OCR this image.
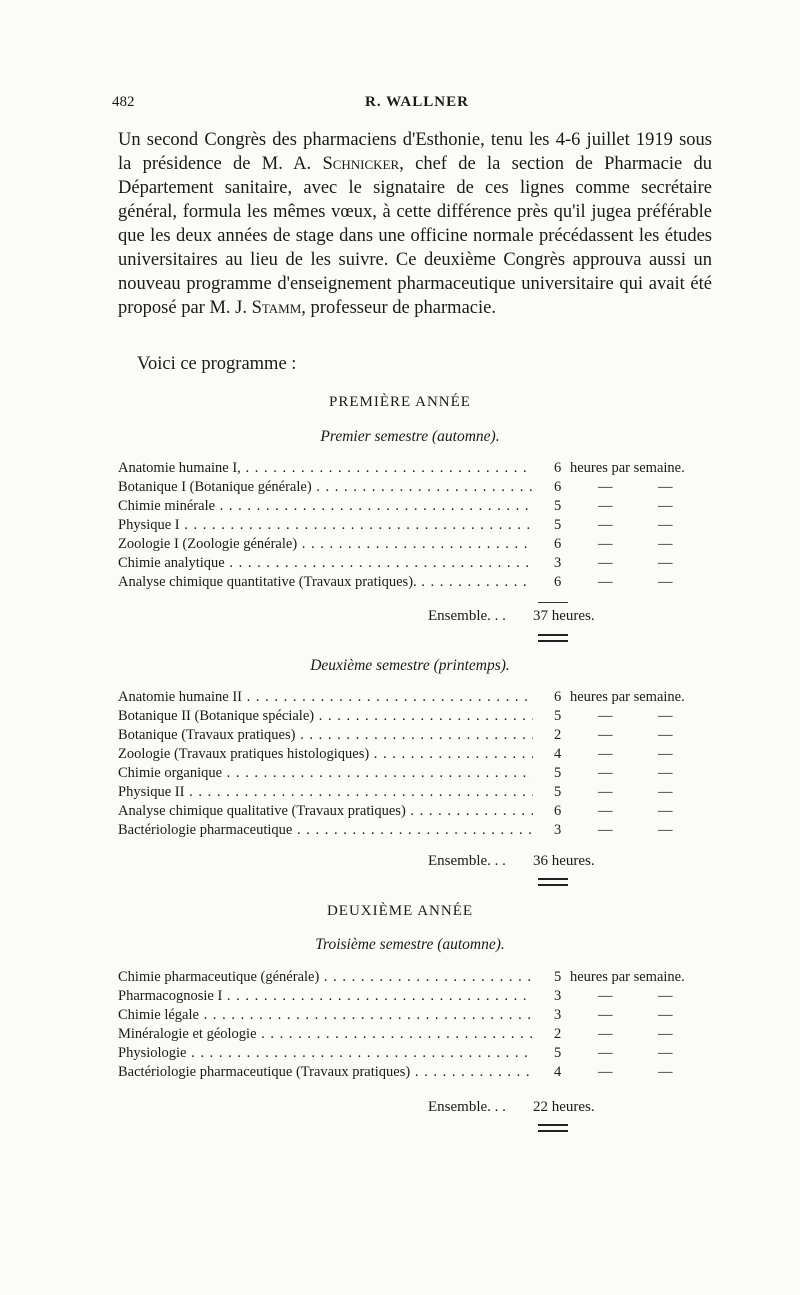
482	R. WALLNER

Un second Congrès des pharmaciens d'Esthonie, tenu les 4-6 juillet 1919 sous la présidence de M. A. Schnicker, chef de la section de Pharmacie du Département sanitaire, avec le signataire de ces lignes comme secrétaire général, formula les mêmes vœux, à cette différence près qu'il jugea préférable que les deux années de stage dans une officine normale précédassent les études universitaires au lieu de les suivre. Ce deuxième Congrès approuva aussi un nouveau programme d'enseignement pharmaceutique universitaire qui avait été proposé par M. J. Stamm, professeur de pharmacie.

Voici ce programme :

PREMIÈRE ANNÉE

Premier semestre (automne).

Anatomie humaine I, . . .	6 heures par semaine.
Botanique I (Botanique générale) . . .	6	—	—
Chimie minérale . . .	5	—	—
Physique I . . .	5	—	—
Zoologie I (Zoologie générale) . . .	6	—	—
Chimie analytique . . .	3	—	—
Analyse chimique quantitative (Travaux pratiques). . . .	6	—	—
Ensemble. . . 37 heures.

Deuxième semestre (printemps).

Anatomie humaine II . . .	6 heures par semaine.
Botanique II (Botanique spéciale) . . .	5	—	—
Botanique (Travaux pratiques) . . .	2	—	—
Zoologie (Travaux pratiques histologiques) . . .	4	—	—
Chimie organique . . .	5	—	—
Physique II . . .	5	—	—
Analyse chimique qualitative (Travaux pratiques) . . .	6	—	—
Bactériologie pharmaceutique . . .	3	—	—
Ensemble. . . 36 heures.

DEUXIÈME ANNÉE

Troisième semestre (automne).

Chimie pharmaceutique (générale) . . .	5 heures par semaine.
Pharmacognosie I . . .	3	—	—
Chimie légale . . .	3	—	—
Minéralogie et géologie . . .	2	—	—
Physiologie . . .	5	—	—
Bactériologie pharmaceutique (Travaux pratiques) . . .	4	—	—
Ensemble. . . 22 heures.
